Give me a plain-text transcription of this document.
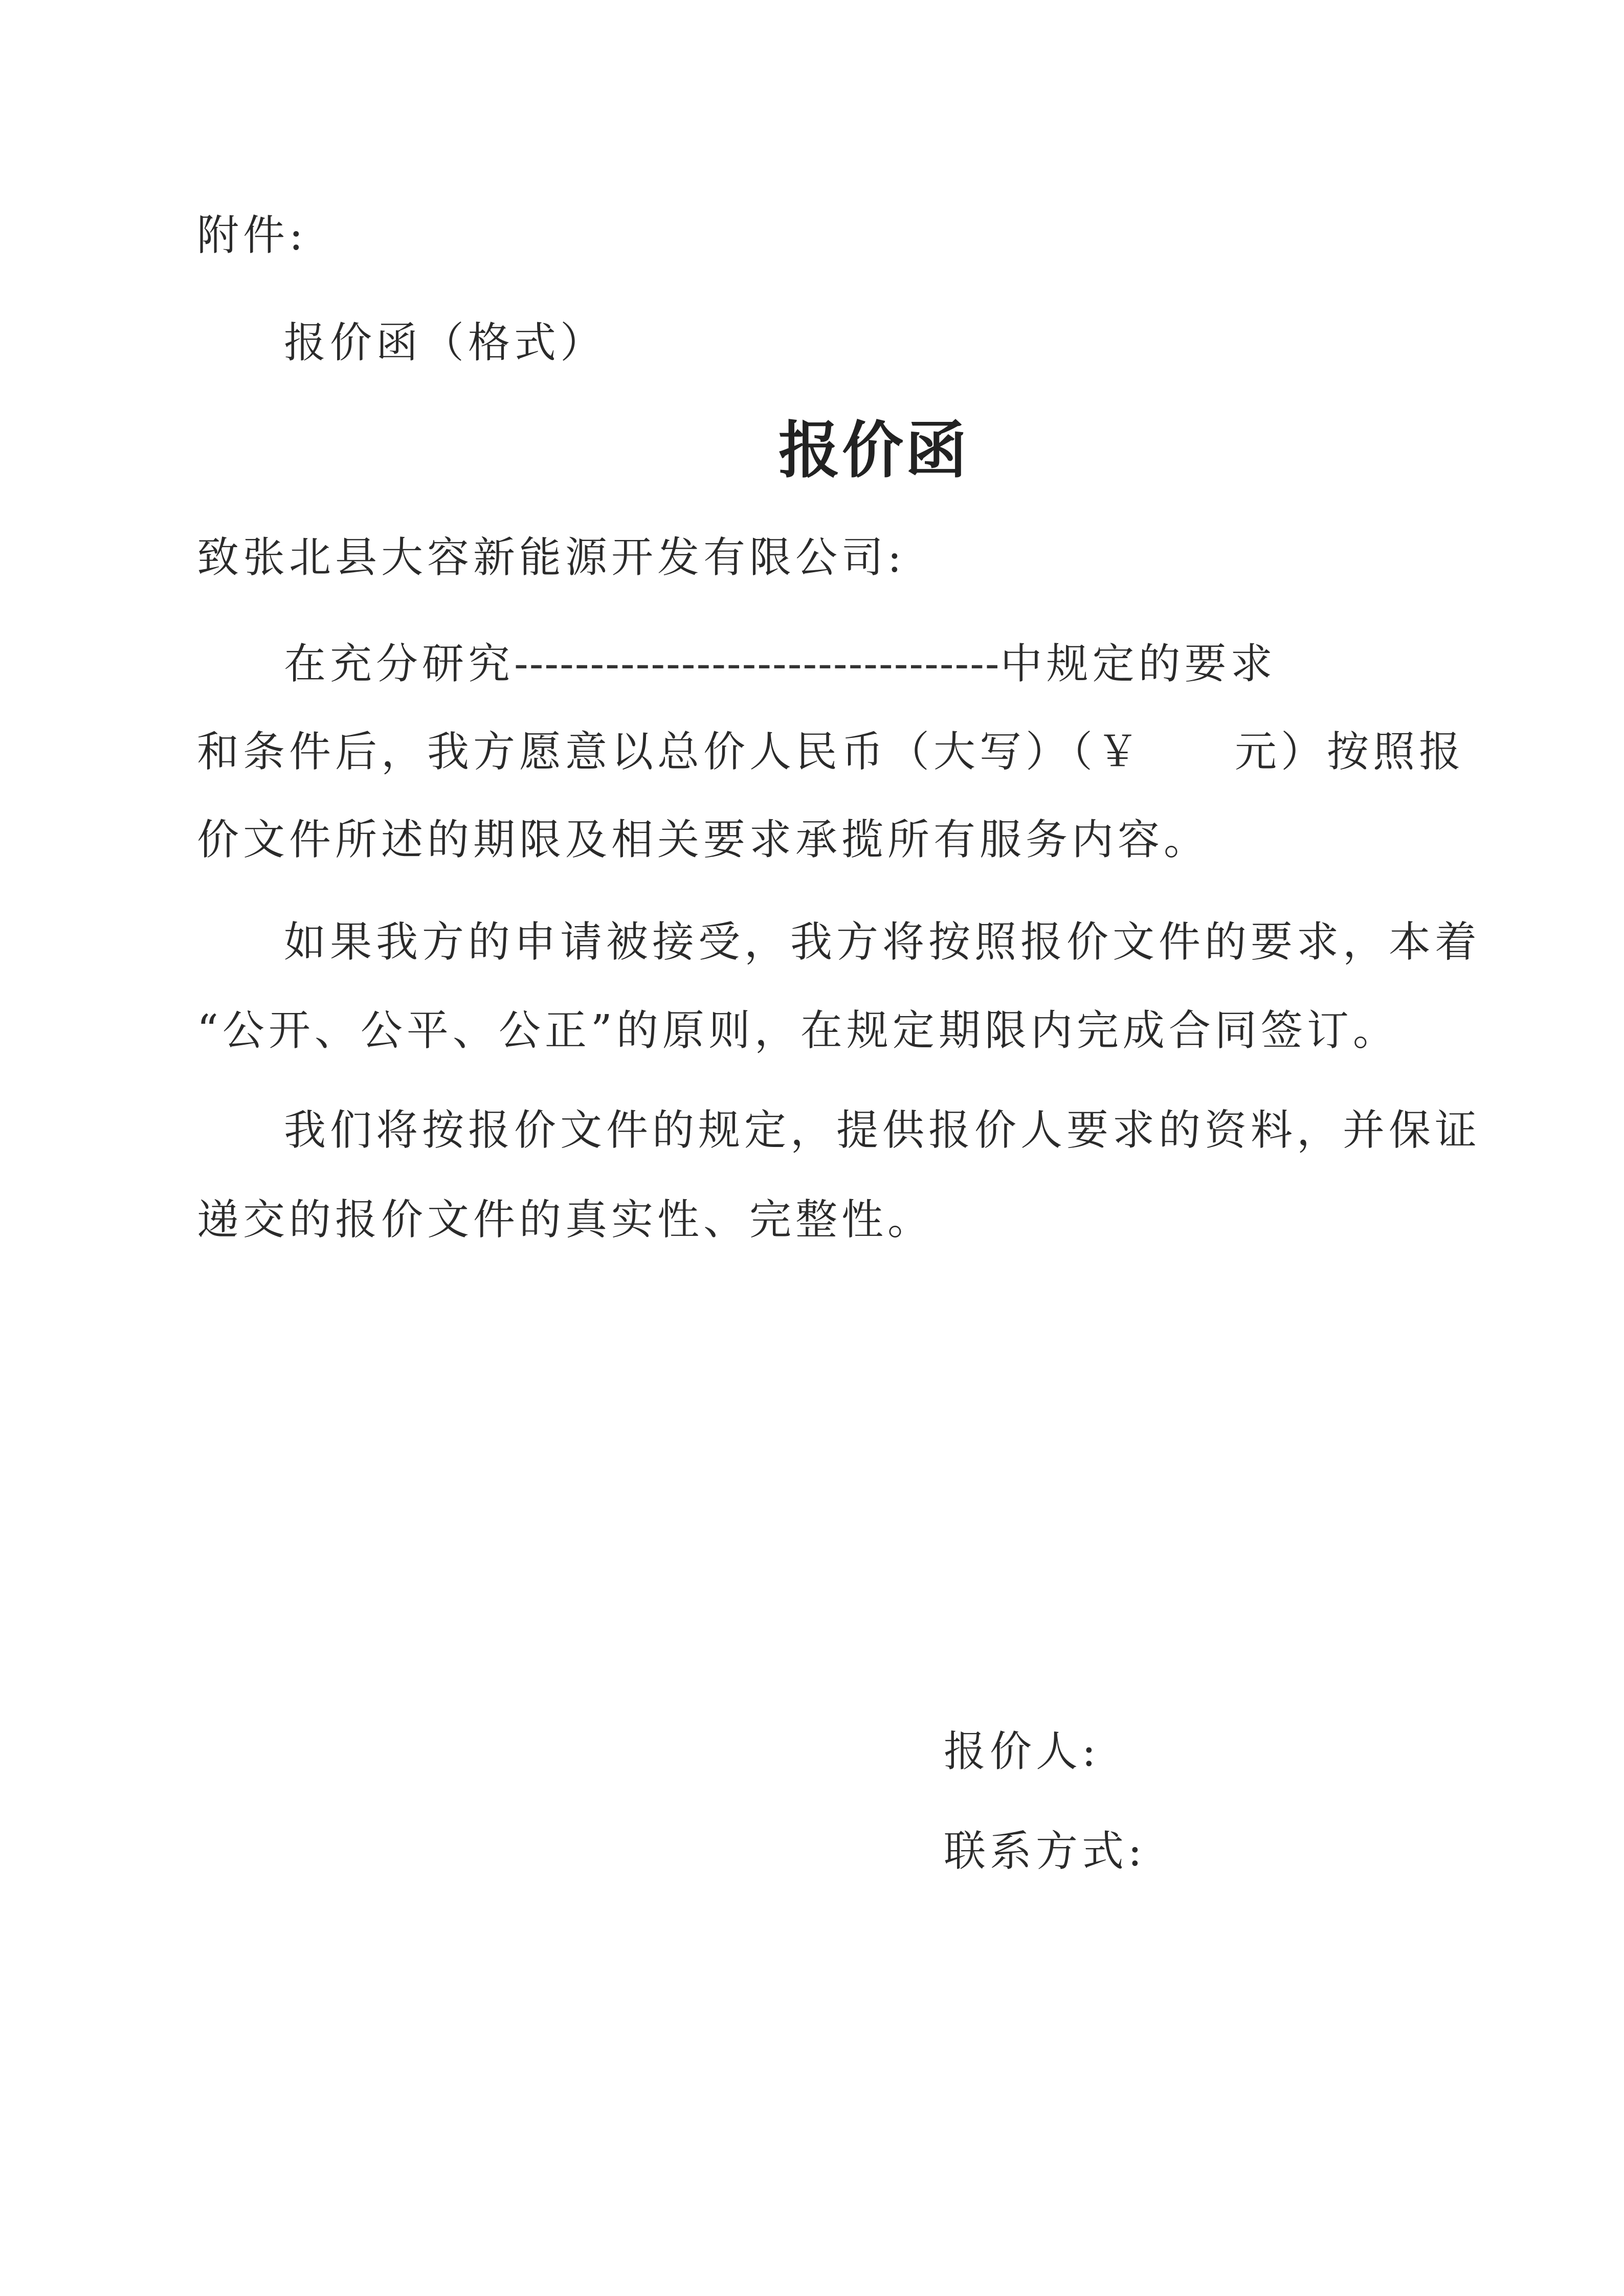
附件:
报价函（格式）
报价函
致张北县大容新能源开发有限公司:
在充分研究--------------------------------中规定的要求
和条件后，我方愿意以总价人民币（大写）（￥ 元）按照报
价文件所述的期限及相关要求承揽所有服务内容。
如果我方的申请被接受，我方将按照报价文件的要求，本着
“公开、公平、公正”的原则，在规定期限内完成合同签订。
我们将按报价文件的规定，提供报价人要求的资料，并保证
递交的报价文件的真实性、完整性。
报价人:
联系方式:
